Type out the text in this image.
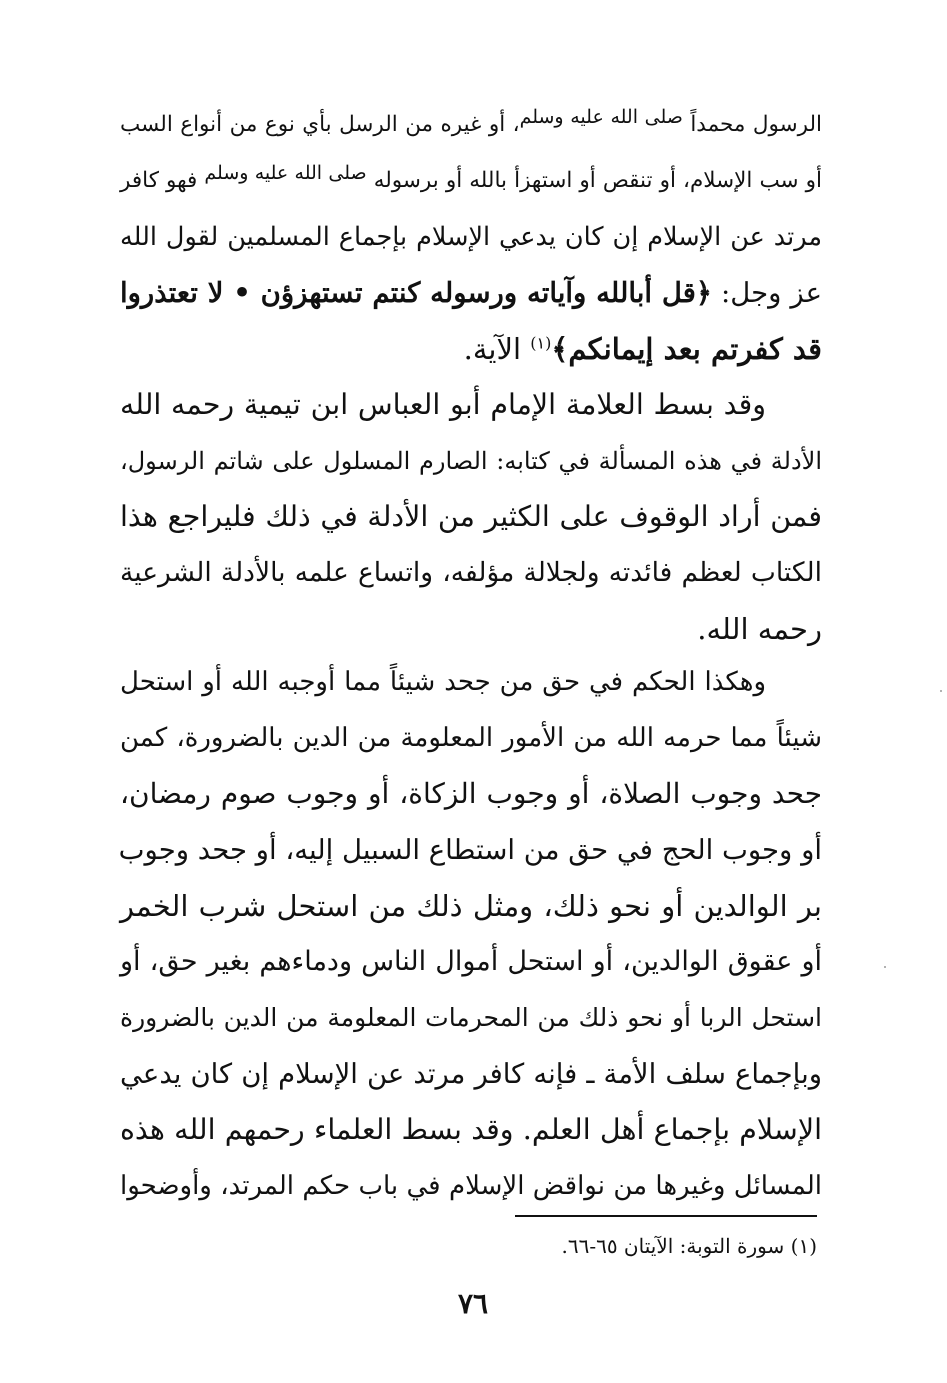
الرسول محمداً صلى الله عليه وسلم، أو غيره من الرسل بأي نوع من أنواع السب
أو سب الإسلام، أو تنقص أو استهزأ بالله أو برسوله صلى الله عليه وسلم فهو كافر
مرتد عن الإسلام إن كان يدعي الإسلام بإجماع المسلمين لقول الله
عز وجل: ﴿قل أبالله وآياته ورسوله كنتم تستهزؤن • لا تعتذروا
قد كفرتم بعد إيمانكم﴾$^{(١)}$ الآية.
وقد بسط العلامة الإمام أبو العباس ابن تيمية رحمه الله
الأدلة في هذه المسألة في كتابه: الصارم المسلول على شاتم الرسول،
فمن أراد الوقوف على الكثير من الأدلة في ذلك فليراجع هذا
الكتاب لعظم فائدته ولجلالة مؤلفه، واتساع علمه بالأدلة الشرعية
رحمه الله.
وهكذا الحكم في حق من جحد شيئاً مما أوجبه الله أو استحل
شيئاً مما حرمه الله من الأمور المعلومة من الدين بالضرورة، كمن
جحد وجوب الصلاة، أو وجوب الزكاة، أو وجوب صوم رمضان،
أو وجوب الحج في حق من استطاع السبيل إليه، أو جحد وجوب
بر الوالدين أو نحو ذلك، ومثل ذلك من استحل شرب الخمر
أو عقوق الوالدين، أو استحل أموال الناس ودماءهم بغير حق، أو
استحل الربا أو نحو ذلك من المحرمات المعلومة من الدين بالضرورة
وبإجماع سلف الأمة ـ فإنه كافر مرتد عن الإسلام إن كان يدعي
الإسلام بإجماع أهل العلم. وقد بسط العلماء رحمهم الله هذه
المسائل وغيرها من نواقض الإسلام في باب حكم المرتد، وأوضحوا
(١) سورة التوبة: الآيتان ٦٥-٦٦.
٧٦
